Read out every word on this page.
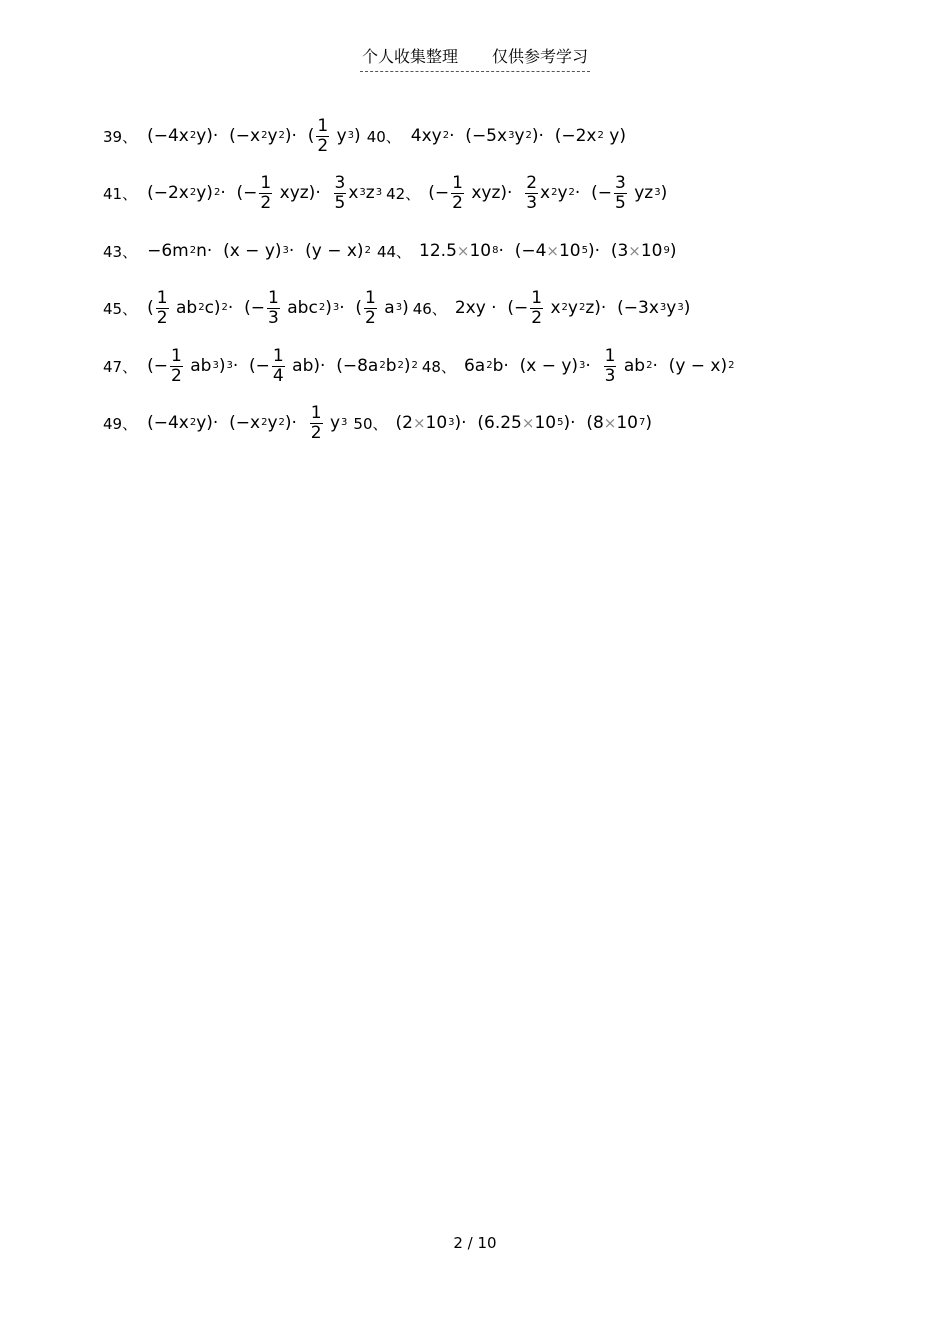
个人收集整理 仅供参考学习
39、 (−4x 2 y)·  (−x 2 y 2 )·  ( $\frac{1}{2}$ y 3 ) 40、 4xy 2 ·  (−5x 3 y 2 )·  (−2x 2 y)
41、 (−2x 2 y) 2 ·  (− $\frac{1}{2} xyz)\cdot \frac{3}{5}$ x 3 z 3 42、 (− $\frac{1}{2} xyz)\cdot \frac{2}{3}$ x 2 y 2 ·  (− $\frac{3}{5}$ yz 3 )
43、 −6m 2 n·  (x − y) 3 ·  (y − x) 2 44、 12.5 × 10 8 ·  (−4 × 10 5 )·  (3 × 10 9 )
45、 ( $\frac{1}{2}$ ab 2 c) 2 ·  (− $\frac{1}{3}$ abc 2 ) 3 ·  ( $\frac{1}{2}$ a 3 ) 46、 2xy ·  (− $\frac{1}{2}$ x 2 y 2 z)·  (−3x 3 y 3 )
47、 (− $\frac{1}{2}$ ab 3 ) 3 ·  (− $\frac{1}{4} ab)\cdot (-8a$ 2 b 2 ) 2 48、 6a 2 b·  (x − y) $3 \cdot \frac{1}{3}$ ab 2 ·  (y − x) 2
49、 (−4x 2 y)·  (−x 2 y 2 )· $\frac{1}{2}$ y 3 50、 (2 × 10 3 )·  (6.25 × 10 5 )·  (8 × 10 7 )
2 / 10
